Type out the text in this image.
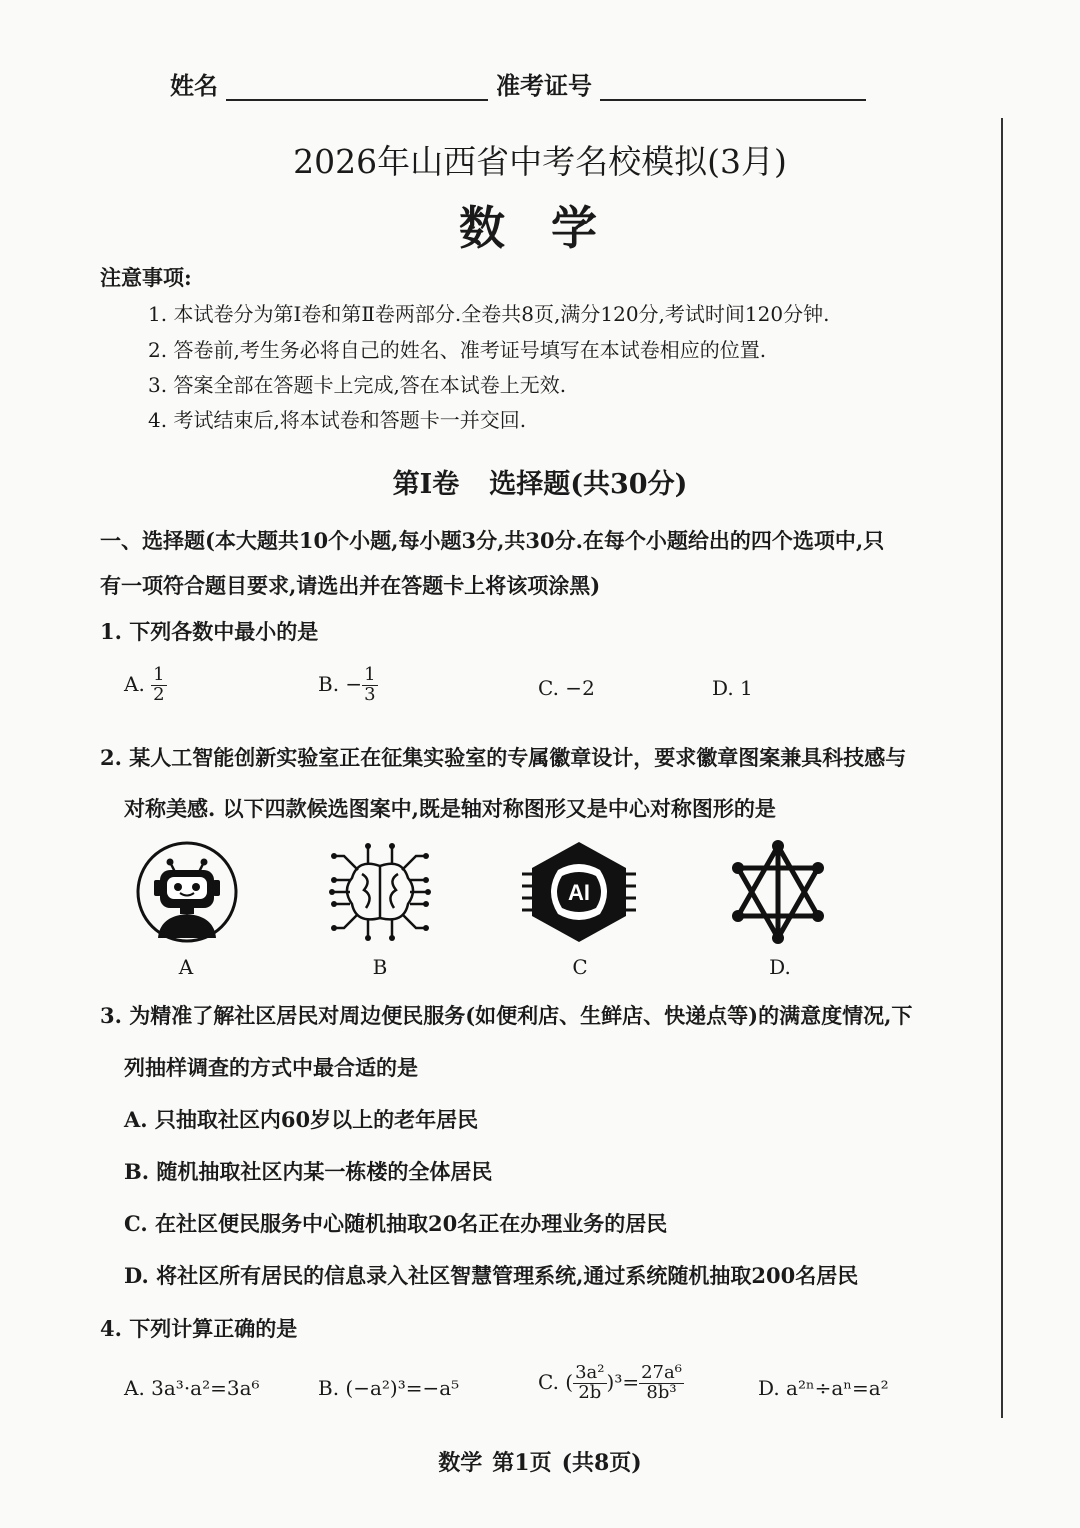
姓名	准考证号
2026年山西省中考名校模拟(3月)
数学
注意事项:
1. 本试卷分为第Ⅰ卷和第Ⅱ卷两部分.全卷共8页,满分120分,考试时间120分钟.
2. 答卷前,考生务必将自己的姓名、准考证号填写在本试卷相应的位置.
3. 答案全部在答题卡上完成,答在本试卷上无效.
4. 考试结束后,将本试卷和答题卡一并交回.
第Ⅰ卷 选择题(共30分)
一、选择题(本大题共10个小题,每小题3分,共30分.在每个小题给出的四个选项中,只
有一项符合题目要求,请选出并在答题卡上将该项涂黑)
1. 下列各数中最小的是
A. $\frac{1}{2}$	B. − $\frac{1}{3}$	C. −2	D. 1
2. 某人工智能创新实验室正在征集实验室的专属徽章设计，要求徽章图案兼具科技感与
对称美感. 以下四款候选图案中,既是轴对称图形又是中心对称图形的是
AI
A	B	C	D.
3. 为精准了解社区居民对周边便民服务(如便利店、生鲜店、快递点等)的满意度情况,下
列抽样调查的方式中最合适的是
A. 只抽取社区内60岁以上的老年居民
B. 随机抽取社区内某一栋楼的全体居民
C. 在社区便民服务中心随机抽取20名正在办理业务的居民
D. 将社区所有居民的信息录入社区智慧管理系统,通过系统随机抽取200名居民
4. 下列计算正确的是
A. 3a³·a²=3a⁶	B. (−a²)³=−a⁵	C. ( $\frac{\text{3a²}}{2b} )^3= \frac{\text{27a⁶}}{\text{8b³}}$	D. a²ⁿ÷aⁿ=a²
数学 第1页 (共8页)
